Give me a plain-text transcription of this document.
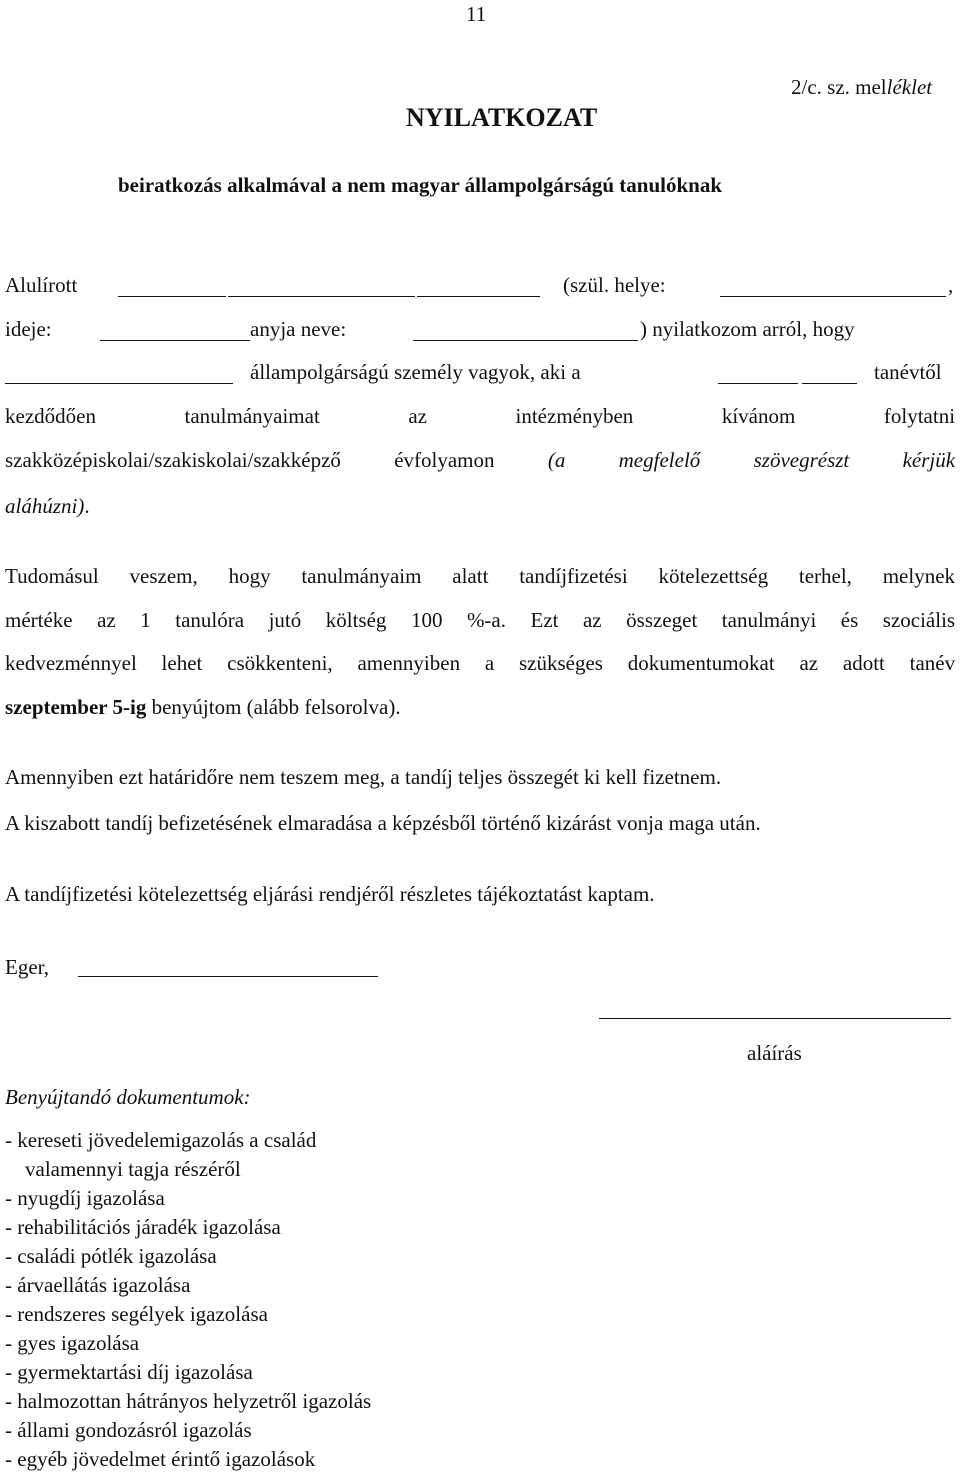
11
2/c. sz. melléklet
NYILATKOZAT
beiratkozás alkalmával a nem magyar állampolgárságú tanulóknak
Alulírott	(szül. helye:	,
ideje:	anyja neve:	) nyilatkozom arról, hogy
állampolgárságú személy vagyok, aki a	tanévtől
kezdődően	tanulmányaimat	az	intézményben	kívánom	folytatni
szakközépiskolai/szakiskolai/szakképző	évfolyamon	(a	megfelelő	szövegrészt	kérjük
aláhúzni).
Tudomásul veszem, hogy tanulmányaim alatt tandíjfizetési kötelezettség terhel, melynek
mértéke az 1 tanulóra jutó költség 100 %-a. Ezt az összeget tanulmányi és szociális
kedvezménnyel lehet csökkenteni, amennyiben a szükséges dokumentumokat az adott tanév
szeptember 5-ig benyújtom (alább felsorolva).
Amennyiben ezt határidőre nem teszem meg, a tandíj teljes összegét ki kell fizetnem.
A kiszabott tandíj befizetésének elmaradása a képzésből történő kizárást vonja maga után.
A tandíjfizetési kötelezettség eljárási rendjéről részletes tájékoztatást kaptam.
Eger,
aláírás
Benyújtandó dokumentumok:
- kereseti jövedelemigazolás a család
valamennyi tagja részéről
- nyugdíj igazolása
- rehabilitációs járadék igazolása
- családi pótlék igazolása
- árvaellátás igazolása
- rendszeres segélyek igazolása
- gyes igazolása
- gyermektartási díj igazolása
- halmozottan hátrányos helyzetről igazolás
- állami gondozásról igazolás
- egyéb jövedelmet érintő igazolások
